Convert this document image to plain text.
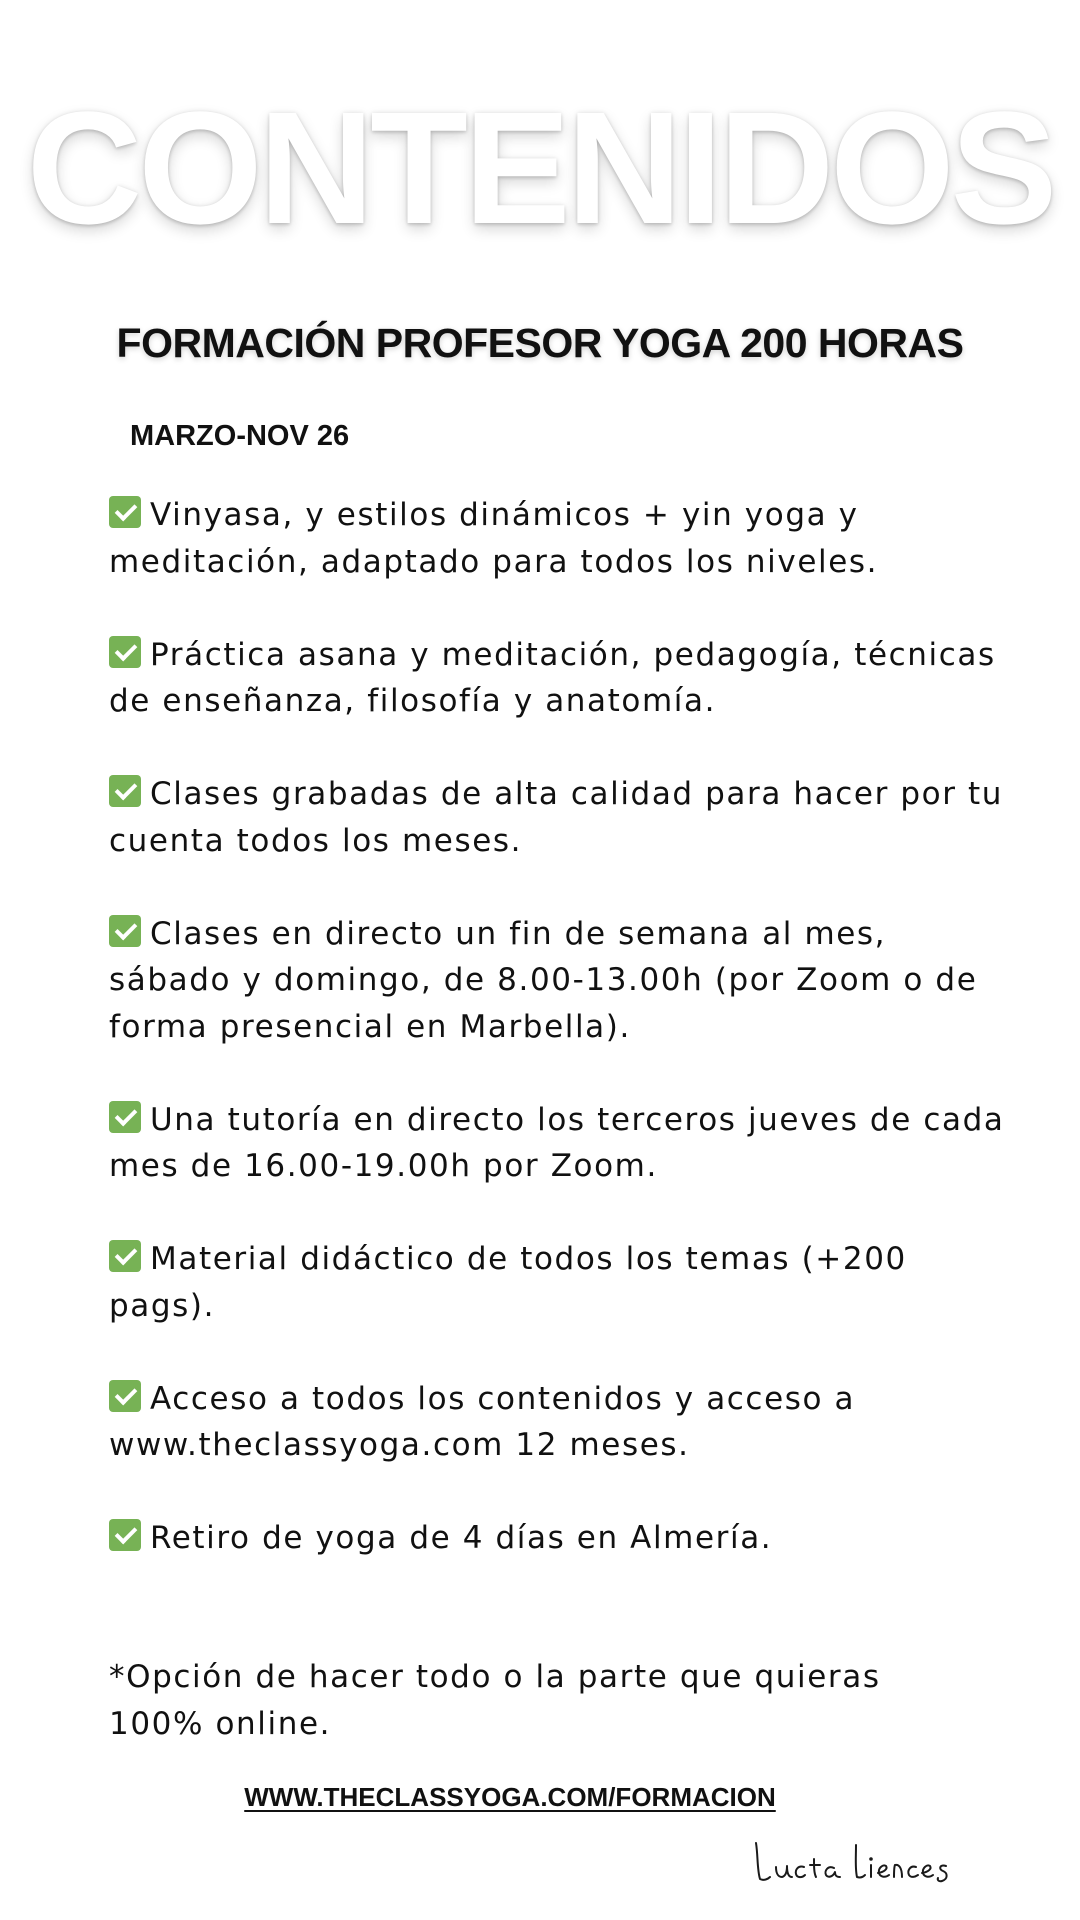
CONTENIDOS
FORMACIÓN PROFESOR YOGA 200 HORAS
MARZO-NOV 26
Vinyasa, y estilos dinámicos + yin yoga y meditación, adaptado para todos los niveles.
Práctica asana y meditación, pedagogía, técnicas de enseñanza, filosofía y anatomía.
Clases grabadas de alta calidad para hacer por tu cuenta todos los meses.
Clases en directo un fin de semana al mes, sábado y domingo, de 8.00-13.00h (por Zoom o de forma presencial en Marbella).
Una tutoría en directo los terceros jueves de cada mes de 16.00-19.00h por Zoom.
Material didáctico de todos los temas (+200 pags).
Acceso a todos los contenidos y acceso a www.theclassyoga.com 12 meses.
Retiro de yoga de 4 días en Almería.
*Opción de hacer todo o la parte que quieras 100% online.
WWW.THECLASSYOGA.COM/FORMACION
